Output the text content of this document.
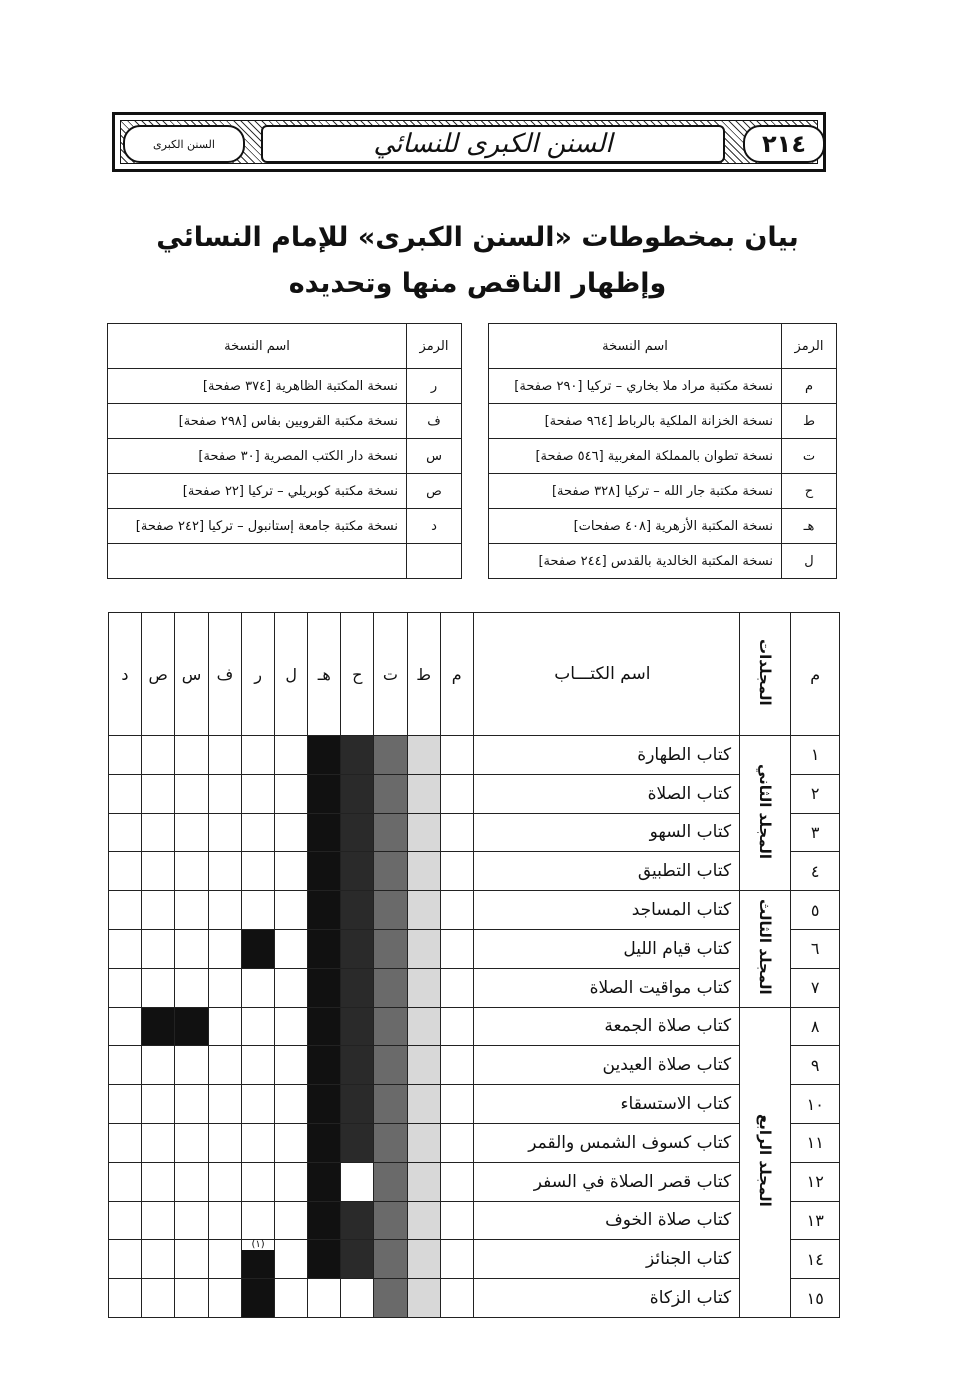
٢١٤
السنن الكبرى للنسائي
السنن الكبرى
بيان بمخطوطات «السنن الكبرى» للإمام النسائي
وإظهار الناقص منها وتحديده
الرمز	اسم النسخة
م	نسخة مكتبة مراد ملا بخاري – تركيا [٢٩٠ صفحة]
ط	نسخة الخزانة الملكية بالرباط [٩٦٤ صفحة]
ت	نسخة تطوان بالمملكة المغربية [٥٤٦ صفحة]
ح	نسخة مكتبة جار الله – تركيا [٣٢٨ صفحة]
هـ	نسخة المكتبة الأزهرية [٤٠٨ صفحات]
ل	نسخة المكتبة الخالدية بالقدس [٢٤٤ صفحة]
الرمز	اسم النسخة
ر	نسخة المكتبة الظاهرية [٣٧٤ صفحة]
ف	نسخة مكتبة القرويين بفاس [٢٩٨ صفحة]
س	نسخة دار الكتب المصرية [٣٠ صفحة]
ص	نسخة مكتبة كوبريلي – تركيا [٢٢ صفحة]
د	نسخة مكتبة جامعة إستانبول – تركيا [٢٤٢ صفحة]

م	المجلدات	اسم الكتـــاب	م	ط	ت	ح	هـ	ل	ر	ف	س	ص	د
١	المجلد الثاني	كتاب الطهارة											
٢		كتاب الصلاة											
٣		كتاب السهو											
٤		كتاب التطبيق											
٥	المجلد الثالث	كتاب المساجد											
٦		كتاب قيام الليل											
٧		كتاب مواقيت الصلاة											
٨	المجلد الرابع	كتاب صلاة الجمعة											
٩		كتاب صلاة العيدين											
١٠		كتاب الاستسقاء											
١١		كتاب كسوف الشمس والقمر											
١٢		كتاب قصر الصلاة في السفر											
١٣		كتاب صلاة الخوف											
١٤		كتاب الجنائز							(١)				

١٥		كتاب الزكاة											
